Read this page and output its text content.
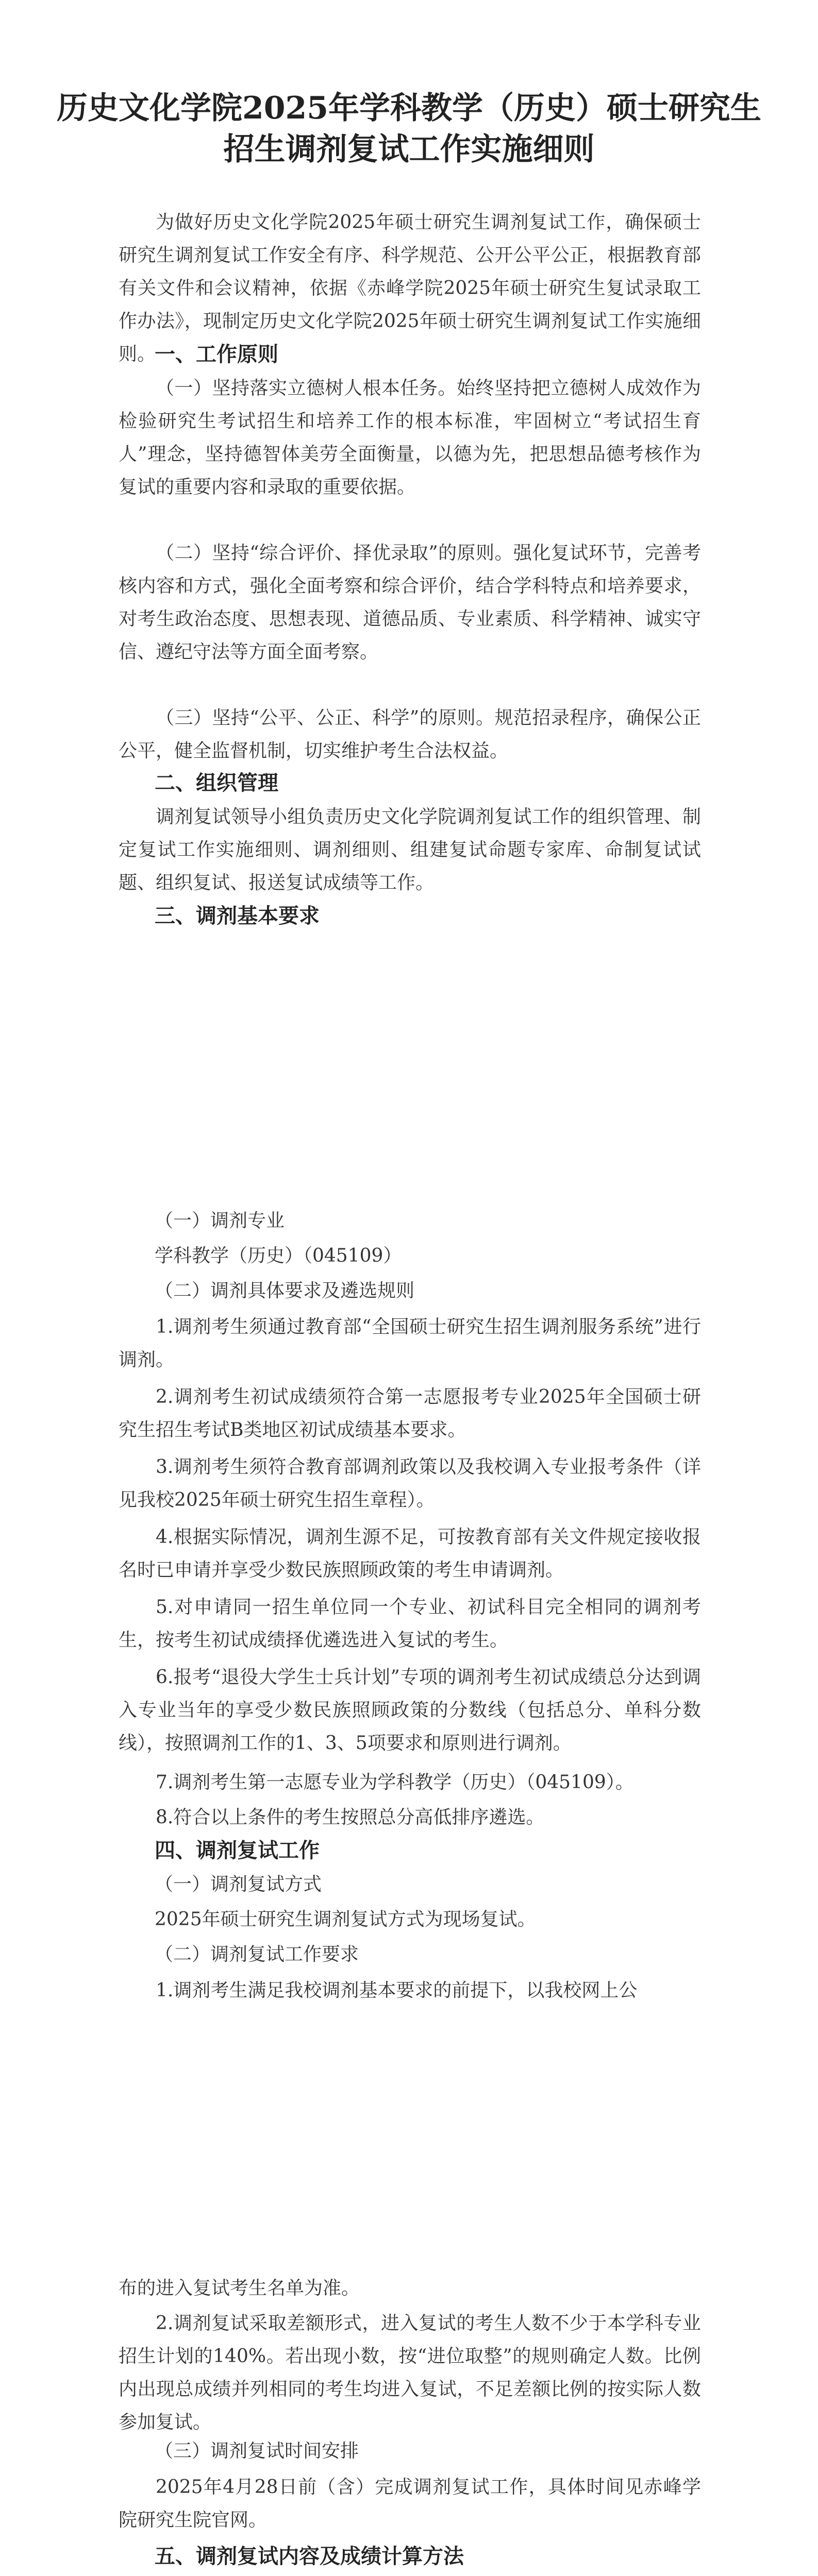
历史文化学院2025年学科教学（历史）硕士研究生
招生调剂复试工作实施细则

为做好历史文化学院2025年硕士研究生调剂复试工作，确保硕士研究生调剂复试工作安全有序、科学规范、公开公平公正，根据教育部有关文件和会议精神，依据《赤峰学院2025年硕士研究生复试录取工作办法》，现制定历史文化学院2025年硕士研究生调剂复试工作实施细则。

一、工作原则

（一）坚持落实立德树人根本任务。始终坚持把立德树人成效作为检验研究生考试招生和培养工作的根本标准，牢固树立“考试招生育人”理念，坚持德智体美劳全面衡量，以德为先，把思想品德考核作为复试的重要内容和录取的重要依据。

（二）坚持“综合评价、择优录取”的原则。强化复试环节，完善考核内容和方式，强化全面考察和综合评价，结合学科特点和培养要求，对考生政治态度、思想表现、道德品质、专业素质、科学精神、诚实守信、遵纪守法等方面全面考察。

（三）坚持“公平、公正、科学”的原则。规范招录程序，确保公正公平，健全监督机制，切实维护考生合法权益。

二、组织管理

调剂复试领导小组负责历史文化学院调剂复试工作的组织管理、制定复试工作实施细则、调剂细则、组建复试命题专家库、命制复试试题、组织复试、报送复试成绩等工作。

三、调剂基本要求

（一）调剂专业

学科教学（历史）（045109）

（二）调剂具体要求及遴选规则

1.调剂考生须通过教育部“全国硕士研究生招生调剂服务系统”进行调剂。

2.调剂考生初试成绩须符合第一志愿报考专业2025年全国硕士研究生招生考试B类地区初试成绩基本要求。

3.调剂考生须符合教育部调剂政策以及我校调入专业报考条件（详见我校2025年硕士研究生招生章程）。

4.根据实际情况，调剂生源不足，可按教育部有关文件规定接收报名时已申请并享受少数民族照顾政策的考生申请调剂。

5.对申请同一招生单位同一个专业、初试科目完全相同的调剂考生，按考生初试成绩择优遴选进入复试的考生。

6.报考“退役大学生士兵计划”专项的调剂考生初试成绩总分达到调入专业当年的享受少数民族照顾政策的分数线（包括总分、单科分数线），按照调剂工作的1、3、5项要求和原则进行调剂。

7.调剂考生第一志愿专业为学科教学（历史）（045109）。

8.符合以上条件的考生按照总分高低排序遴选。

四、调剂复试工作

（一）调剂复试方式

2025年硕士研究生调剂复试方式为现场复试。

（二）调剂复试工作要求

1.调剂考生满足我校调剂基本要求的前提下，以我校网上公

布的进入复试考生名单为准。

2.调剂复试采取差额形式，进入复试的考生人数不少于本学科专业招生计划的140%。若出现小数，按“进位取整”的规则确定人数。比例内出现总成绩并列相同的考生均进入复试，不足差额比例的按实际人数参加复试。

（三）调剂复试时间安排

2025年4月28日前（含）完成调剂复试工作，具体时间见赤峰学院研究生院官网。

五、调剂复试内容及成绩计算方法
